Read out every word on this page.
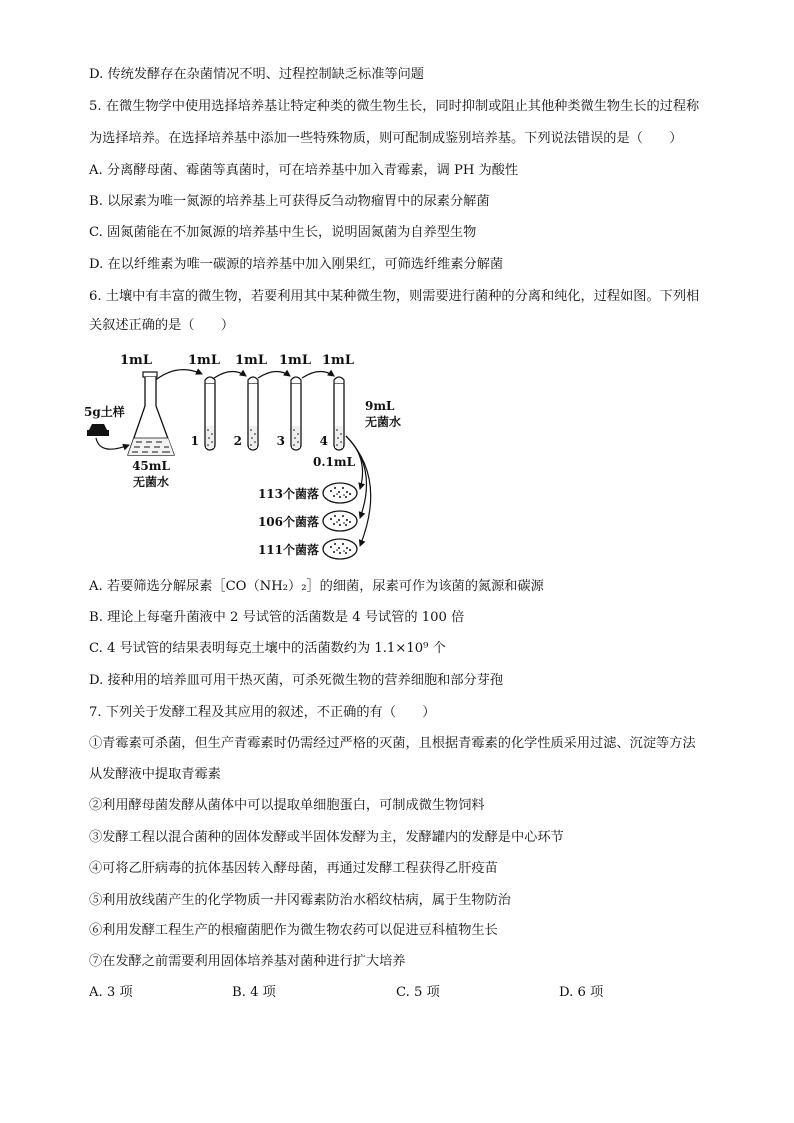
D. 传统发酵存在杂菌情况不明、过程控制缺乏标准等问题
5. 在微生物学中使用选择培养基让特定种类的微生物生长，同时抑制或阻止其他种类微生物生长的过程称
为选择培养。在选择培养基中添加一些特殊物质，则可配制成鉴别培养基。下列说法错误的是（　　）
A. 分离酵母菌、霉菌等真菌时，可在培养基中加入青霉素，调 PH 为酸性
B. 以尿素为唯一氮源的培养基上可获得反刍动物瘤胃中的尿素分解菌
C. 固氮菌能在不加氮源的培养基中生长，说明固氮菌为自养型生物
D. 在以纤维素为唯一碳源的培养基中加入刚果红，可筛选纤维素分解菌
6. 土壤中有丰富的微生物，若要利用其中某种微生物，则需要进行菌种的分离和纯化，过程如图。下列相
关叙述正确的是（　　）
1mL	1mL 1mL 1mL 1mL
5g土样
45mL
无菌水
1	2	3	4
9mL
无菌水
0.1mL
113个菌落
106个菌落
111个菌落
A. 若要筛选分解尿素［CO（NH₂）₂］的细菌，尿素可作为该菌的氮源和碳源
B. 理论上每毫升菌液中 2 号试管的活菌数是 4 号试管的 100 倍
C. 4 号试管的结果表明每克土壤中的活菌数约为 1.1×10⁹ 个
D. 接种用的培养皿可用干热灭菌，可杀死微生物的营养细胞和部分芽孢
7. 下列关于发酵工程及其应用的叙述，不正确的有（　　）
①青霉素可杀菌，但生产青霉素时仍需经过严格的灭菌，且根据青霉素的化学性质采用过滤、沉淀等方法
从发酵液中提取青霉素
②利用酵母菌发酵从菌体中可以提取单细胞蛋白，可制成微生物饲料
③发酵工程以混合菌种的固体发酵或半固体发酵为主，发酵罐内的发酵是中心环节
④可将乙肝病毒的抗体基因转入酵母菌，再通过发酵工程获得乙肝疫苗
⑤利用放线菌产生的化学物质一井冈霉素防治水稻纹枯病，属于生物防治
⑥利用发酵工程生产的根瘤菌肥作为微生物农药可以促进豆科植物生长
⑦在发酵之前需要利用固体培养基对菌种进行扩大培养
A. 3 项	B. 4 项	C. 5 项	D. 6 项
